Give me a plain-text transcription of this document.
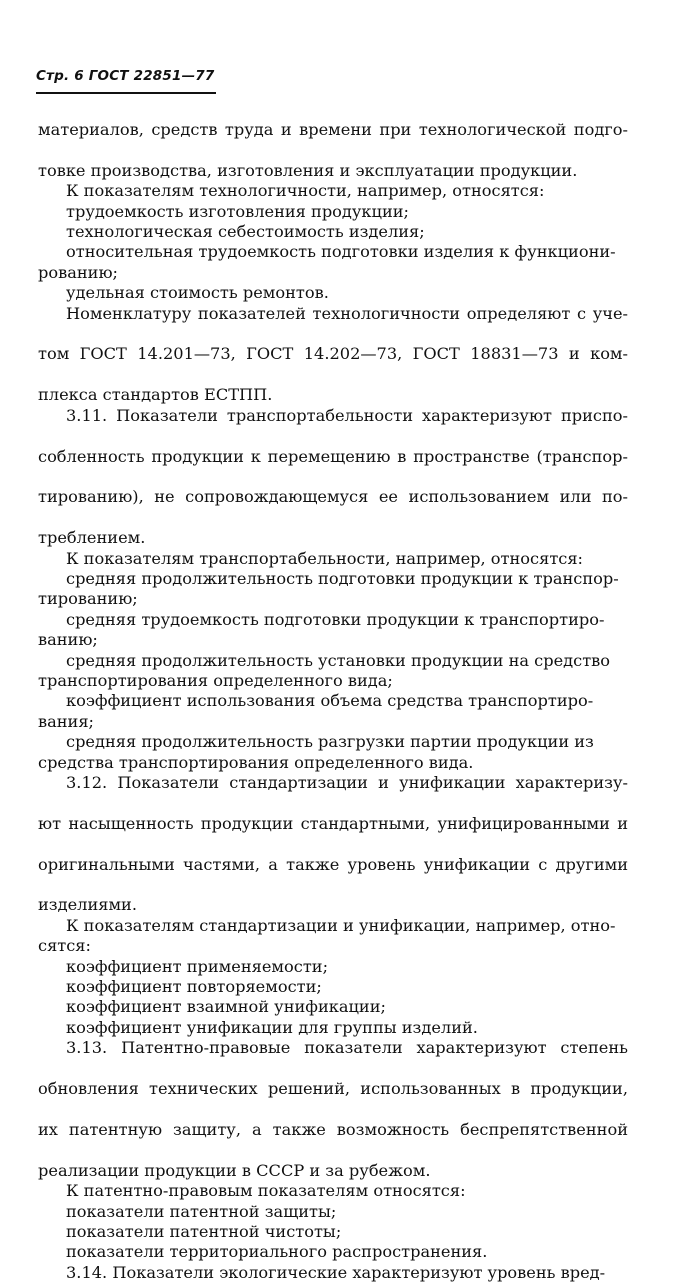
Стр. 6 ГОСТ 22851—77

материалов, средств труда и времени при технологической подго-  товке производства, изготовления и эксплуатации продукции.

К показателям технологичности, например, относятся:

трудоемкость изготовления продукции;

технологическая себестоимость изделия;

относительная трудоемкость подготовки изделия к функциони-

рованию;

удельная стоимость ремонтов.

Номенклатуру показателей технологичности определяют с уче-  том ГОСТ 14.201—73, ГОСТ 14.202—73, ГОСТ 18831—73 и ком-  плекса стандартов ЕСТПП.

3.11. Показатели транспортабельности характеризуют приспо-  собленность продукции к перемещению в пространстве (транспор-  тированию), не сопровождающемуся ее использованием или по-  треблением.

К показателям транспортабельности, например, относятся:

средняя продолжительность подготовки продукции к транспор-

тированию;

средняя трудоемкость подготовки продукции к транспортиро-

ванию;

средняя продолжительность установки продукции на средство

транспортирования определенного вида;

коэффициент использования объема средства транспортиро-

вания;

средняя продолжительность разгрузки партии продукции из

средства транспортирования определенного вида.

3.12. Показатели стандартизации и унификации характеризу-  ют насыщенность продукции стандартными, унифицированными и  оригинальными частями, а также уровень унификации с другими  изделиями.

К показателям стандартизации и унификации, например, отно-

сятся:

коэффициент применяемости;

коэффициент повторяемости;

коэффициент взаимной унификации;

коэффициент унификации для группы изделий.

3.13. Патентно-правовые показатели характеризуют степень  обновления технических решений, использованных в продукции,  их патентную защиту, а также возможность беспрепятственной  реализации продукции в СССР и за рубежом.

К патентно-правовым показателям относятся:

показатели патентной защиты;

показатели патентной чистоты;

показатели территориального распространения.

3.14. Показатели экологические характеризуют уровень вред-
